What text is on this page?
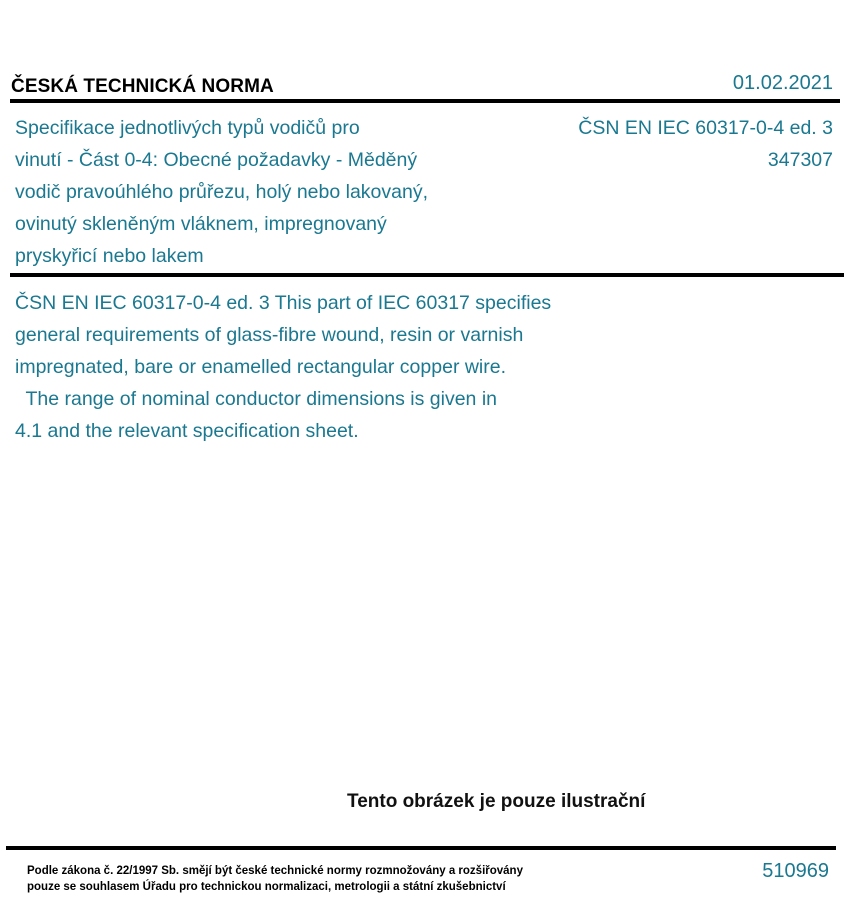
ČESKÁ TECHNICKÁ NORMA	01.02.2021
Specifikace jednotlivých typů vodičů pro
vinutí - Část 0-4: Obecné požadavky - Měděný
vodič pravoúhlého průřezu, holý nebo lakovaný,
ovinutý skleněným vláknem, impregnovaný
pryskyřicí nebo lakem
ČSN EN IEC 60317-0-4 ed. 3
347307
ČSN EN IEC 60317-0-4 ed. 3 This part of IEC 60317 specifies
general requirements of glass-fibre wound, resin or varnish
impregnated, bare or enamelled rectangular copper wire.
The range of nominal conductor dimensions is given in
4.1 and the relevant specification sheet.
Tento obrázek je pouze ilustrační
Podle zákona č. 22/1997 Sb. smějí být české technické normy rozmnožovány a rozšiřovány
pouze se souhlasem Úřadu pro technickou normalizaci, metrologii a státní zkušebnictví
510969
